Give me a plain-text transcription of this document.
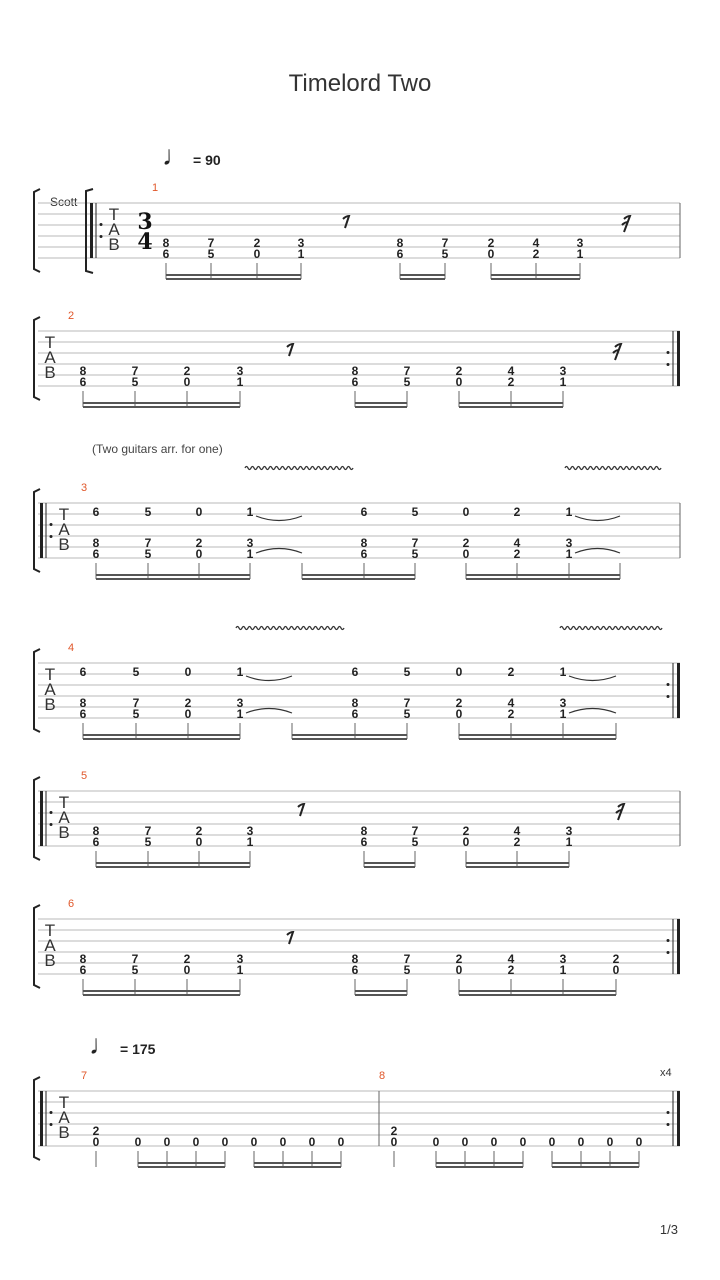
Timelord Two
♩ = 90
♩ = 175
Scott
(Two guitars arr. for one)
x4
1/3
T
A
B
1
8
6
7
5
2
0
3
1
8
6
7
5
2
0
4
2
3
1
3
4
T
A
B
2
8
6
7
5
2
0
3
1
8
6
7
5
2
0
4
2
3
1
T
A
B
3
6	5	0	1	6	5	0	2	1
8
6
7
5
2
0
3
1
8
6
7
5
2
0
4
2
3
1
T
A
B
4
6	5	0	1	6	5	0	2	1
8
6
7
5
2
0
3
1
8
6
7
5
2
0
4
2
3
1
T
A
B
5
8
6
7
5
2
0
3
1
8
6
7
5
2
0
4
2
3
1
T
A
B
6
8
6
7
5
2
0
3
1
8
6
7
5
2
0
4
2
3
1
2
0
T
A
B
7	8
2
0	0 0 0 0 0 0 0 0
2
0	0 0 0 0 0 0 0 0
